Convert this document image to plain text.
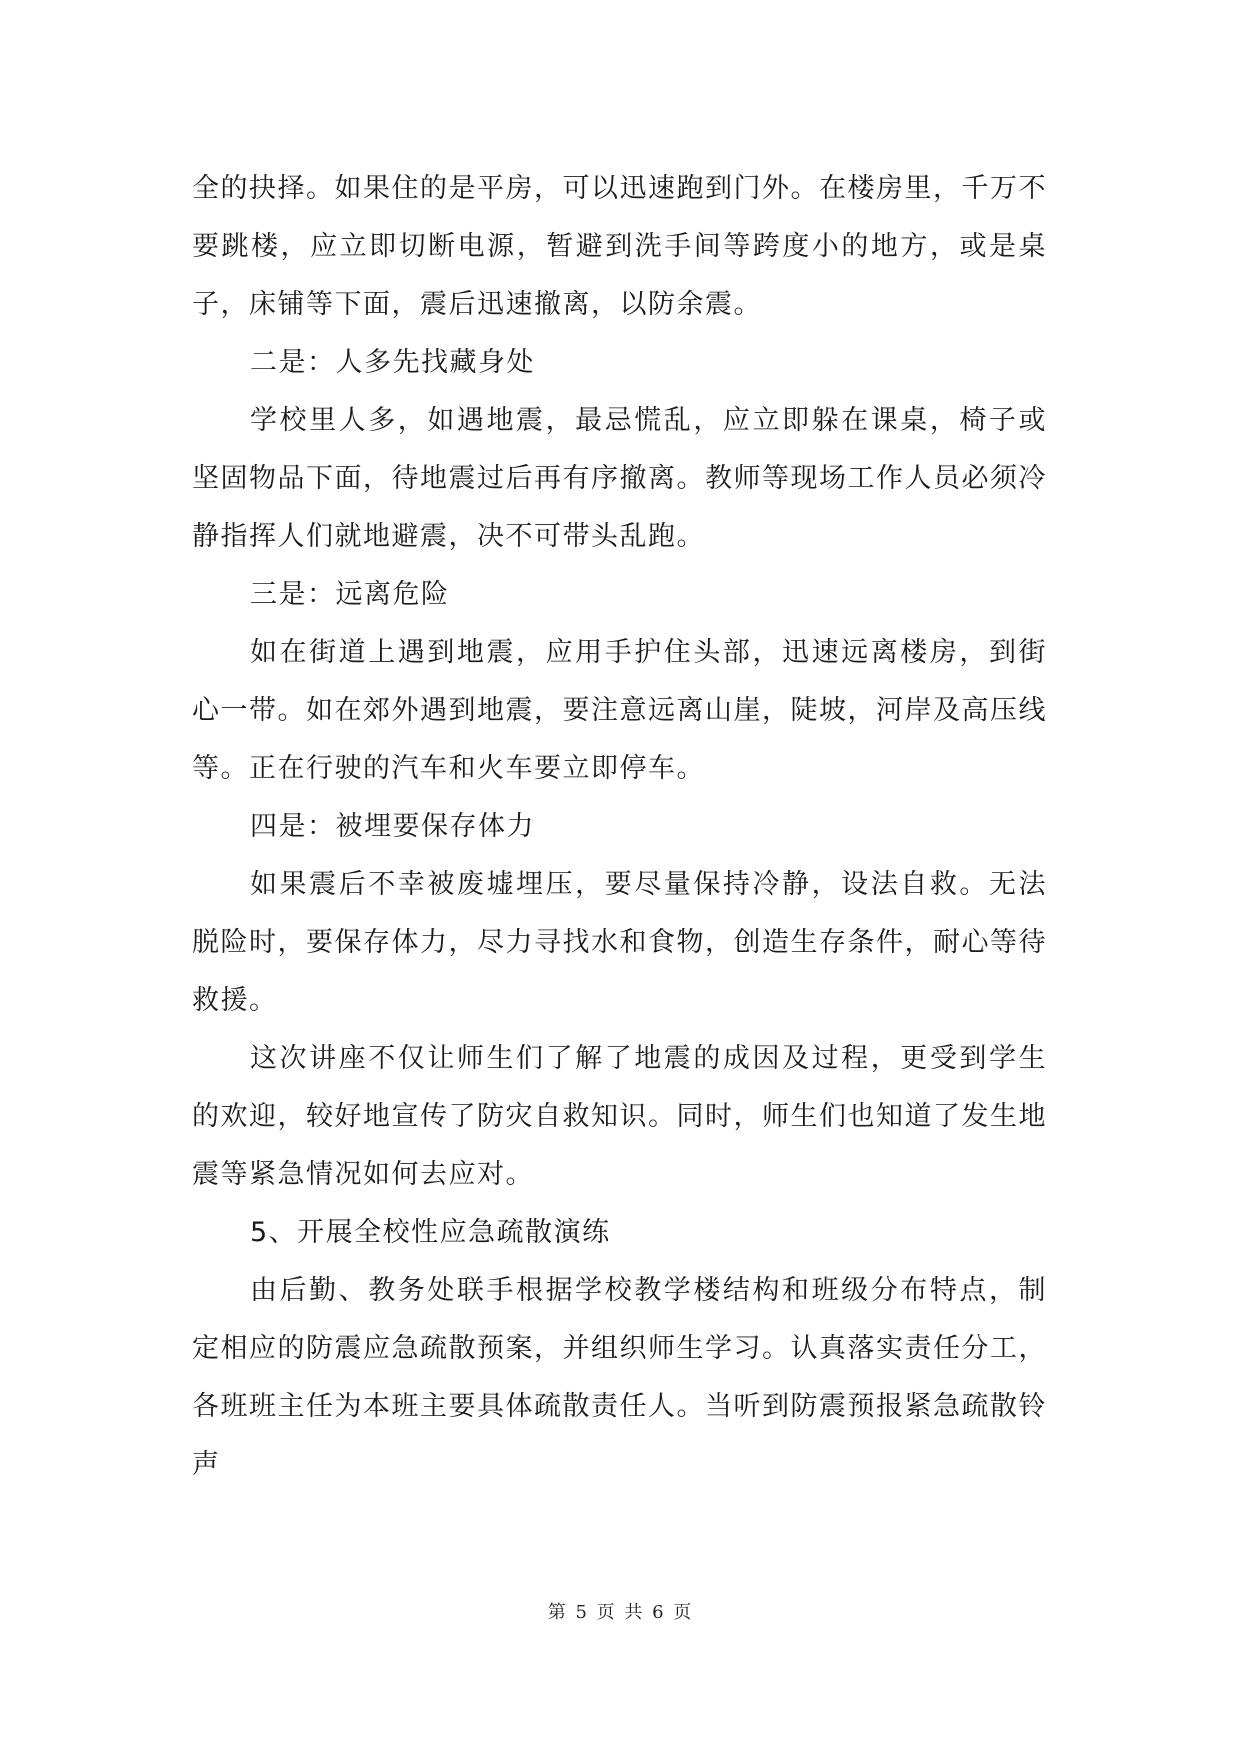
全的抉择。如果住的是平房，可以迅速跑到门外。在楼房里，千万不要跳楼，应立即切断电源，暂避到洗手间等跨度小的地方，或是桌子，床铺等下面，震后迅速撤离，以防余震。

二是：人多先找藏身处

学校里人多，如遇地震，最忌慌乱，应立即躲在课桌，椅子或坚固物品下面，待地震过后再有序撤离。教师等现场工作人员必须冷静指挥人们就地避震，决不可带头乱跑。

三是：远离危险

如在街道上遇到地震，应用手护住头部，迅速远离楼房，到街心一带。如在郊外遇到地震，要注意远离山崖，陡坡，河岸及高压线等。正在行驶的汽车和火车要立即停车。

四是：被埋要保存体力

如果震后不幸被废墟埋压，要尽量保持冷静，设法自救。无法脱险时，要保存体力，尽力寻找水和食物，创造生存条件，耐心等待救援。

这次讲座不仅让师生们了解了地震的成因及过程，更受到学生的欢迎，较好地宣传了防灾自救知识。同时，师生们也知道了发生地震等紧急情况如何去应对。

5、开展全校性应急疏散演练

由后勤、教务处联手根据学校教学楼结构和班级分布特点，制定相应的防震应急疏散预案，并组织师生学习。认真落实责任分工，各班班主任为本班主要具体疏散责任人。当听到防震预报紧急疏散铃声

第 5 页 共 6 页
